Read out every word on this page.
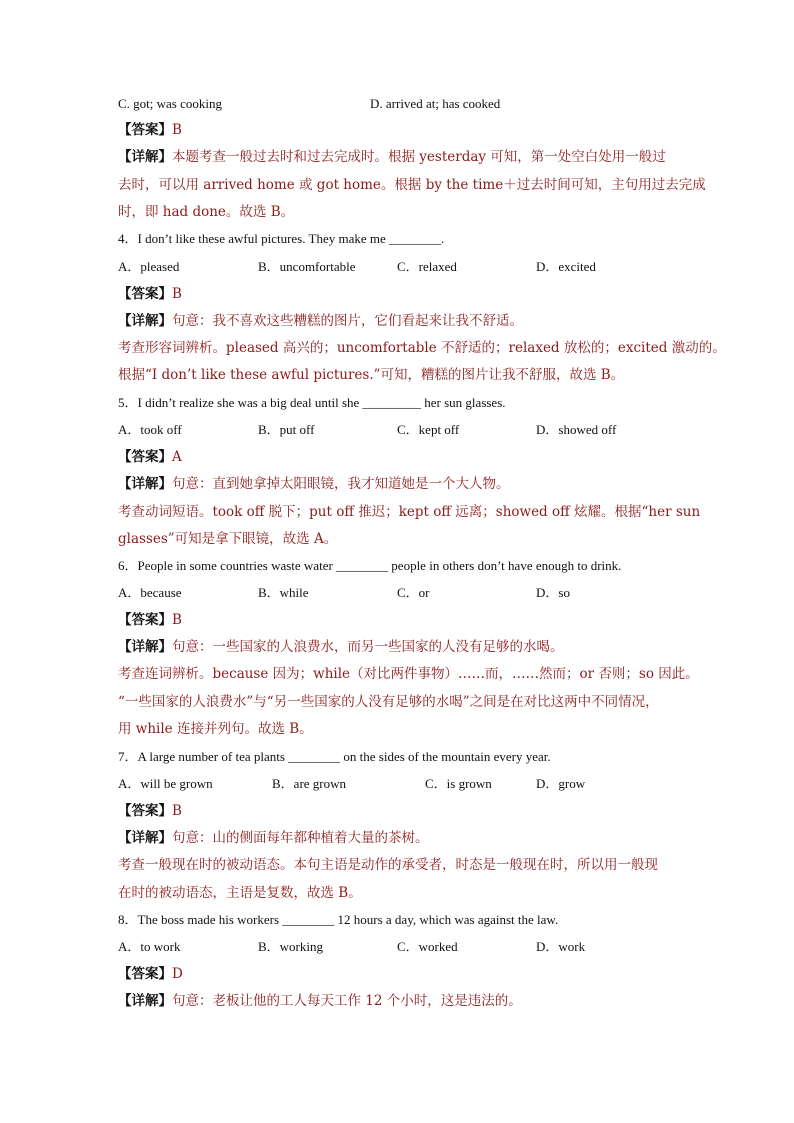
C. got; was cooking	D. arrived at; has cooked
【答案】B
【详解】本题考查一般过去时和过去完成时。根据 yesterday 可知，第一处空白处用一般过
去时，可以用 arrived home 或 got home。根据 by the time＋过去时间可知，主句用过去完成
时，即 had done。故选 B。
4．I don’t like these awful pictures. They make me ________.
A．pleased	B．uncomfortable	C．relaxed	D．excited
【答案】B
【详解】句意：我不喜欢这些糟糕的图片，它们看起来让我不舒适。
考查形容词辨析。pleased 高兴的；uncomfortable 不舒适的；relaxed 放松的；excited 激动的。
根据“I don’t like these awful pictures.”可知，糟糕的图片让我不舒服，故选 B。
5．I didn’t realize she was a big deal until she _________ her sun glasses.
A．took off	B．put off	C．kept off	D．showed off
【答案】A
【详解】句意：直到她拿掉太阳眼镜，我才知道她是一个大人物。
考查动词短语。took off 脱下；put off 推迟；kept off 远离；showed off 炫耀。根据“her sun
glasses”可知是拿下眼镜，故选 A。
6．People in some countries waste water ________ people in others don’t have enough to drink.
A．because	B．while	C．or	D．so
【答案】B
【详解】句意：一些国家的人浪费水，而另一些国家的人没有足够的水喝。
考查连词辨析。because 因为；while（对比两件事物）……而，……然而；or 否则；so 因此。
“一些国家的人浪费水”与“另一些国家的人没有足够的水喝”之间是在对比这两中不同情况，
用 while 连接并列句。故选 B。
7．A large number of tea plants ________ on the sides of the mountain every year.
A．will be grown	B．are grown	C．is grown	D．grow
【答案】B
【详解】句意：山的侧面每年都种植着大量的茶树。
考查一般现在时的被动语态。本句主语是动作的承受者，时态是一般现在时，所以用一般现
在时的被动语态，主语是复数，故选 B。
8．The boss made his workers ________ 12 hours a day, which was against the law.
A．to work	B．working	C．worked	D．work
【答案】D
【详解】句意：老板让他的工人每天工作 12 个小时，这是违法的。
